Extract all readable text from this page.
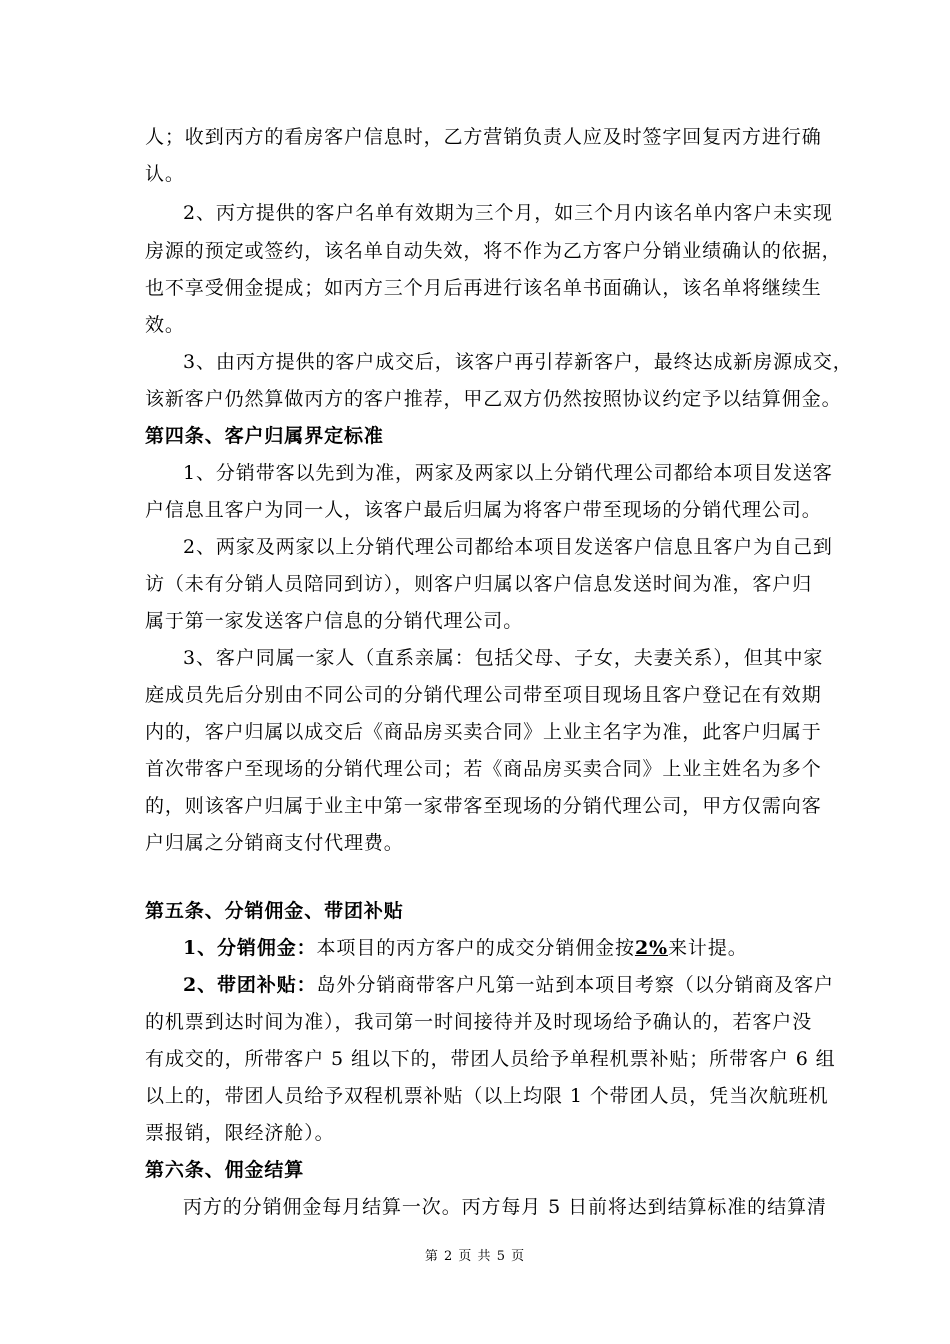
人；收到丙方的看房客户信息时，乙方营销负责人应及时签字回复丙方进行确
认。
2、丙方提供的客户名单有效期为三个月，如三个月内该名单内客户未实现
房源的预定或签约，该名单自动失效，将不作为乙方客户分销业绩确认的依据，
也不享受佣金提成；如丙方三个月后再进行该名单书面确认，该名单将继续生
效。
3、由丙方提供的客户成交后，该客户再引荐新客户，最终达成新房源成交，
该新客户仍然算做丙方的客户推荐，甲乙双方仍然按照协议约定予以结算佣金。
第四条、客户归属界定标准
1、分销带客以先到为准，两家及两家以上分销代理公司都给本项目发送客
户信息且客户为同一人，该客户最后归属为将客户带至现场的分销代理公司。
2、两家及两家以上分销代理公司都给本项目发送客户信息且客户为自己到
访（未有分销人员陪同到访），则客户归属以客户信息发送时间为准，客户归
属于第一家发送客户信息的分销代理公司。
3、客户同属一家人（直系亲属：包括父母、子女，夫妻关系），但其中家
庭成员先后分别由不同公司的分销代理公司带至项目现场且客户登记在有效期
内的，客户归属以成交后《商品房买卖合同》上业主名字为准，此客户归属于
首次带客户至现场的分销代理公司；若《商品房买卖合同》上业主姓名为多个
的，则该客户归属于业主中第一家带客至现场的分销代理公司，甲方仅需向客
户归属之分销商支付代理费。
第五条、分销佣金、带团补贴
1、分销佣金：本项目的丙方客户的成交分销佣金按2%来计提。
2、带团补贴：岛外分销商带客户凡第一站到本项目考察（以分销商及客户
的机票到达时间为准），我司第一时间接待并及时现场给予确认的，若客户没
有成交的，所带客户 5 组以下的，带团人员给予单程机票补贴；所带客户 6 组
以上的，带团人员给予双程机票补贴（以上均限 1 个带团人员，凭当次航班机
票报销，限经济舱）。
第六条、佣金结算
丙方的分销佣金每月结算一次。丙方每月 5 日前将达到结算标准的结算清
第 2 页 共 5 页
